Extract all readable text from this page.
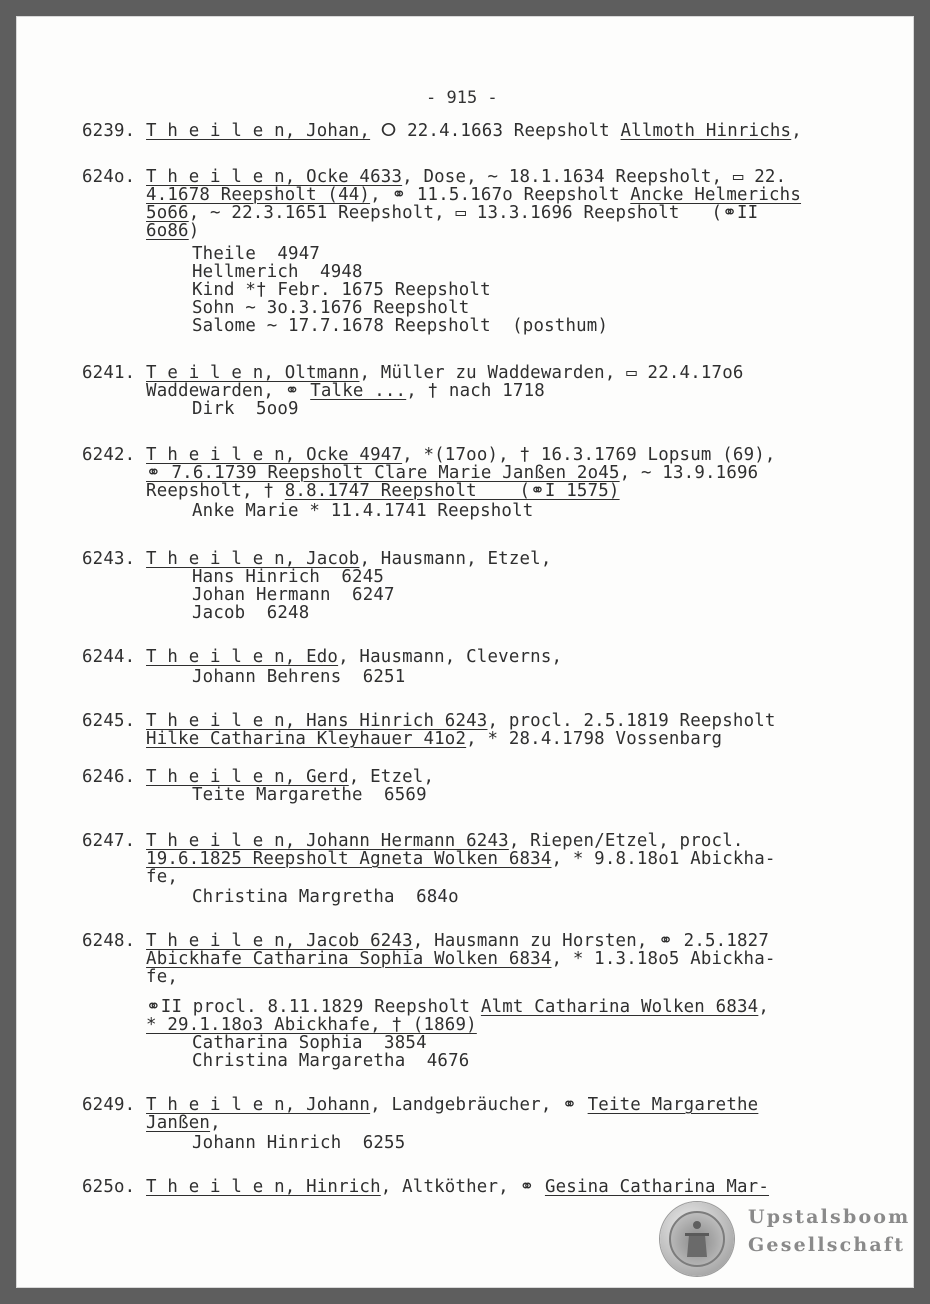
- 915 -
6239. T h e i l e n, Johan, ⵔ 22.4.1663 Reepsholt Allmoth Hinrichs,
624o. T h e i l e n, Ocke 4633, Dose, ~ 18.1.1634 Reepsholt, ▭ 22.
4.1678 Reepsholt (44), ⚭ 11.5.167o Reepsholt Ancke Helmerichs
5o66, ~ 22.3.1651 Reepsholt, ▭ 13.3.1696 Reepsholt   (⚭II
6o86)
Theile  4947
Hellmerich  4948
Kind *† Febr. 1675 Reepsholt
Sohn ~ 3o.3.1676 Reepsholt
Salome ~ 17.7.1678 Reepsholt  (posthum)
6241. T e i l e n, Oltmann, Müller zu Waddewarden, ▭ 22.4.17o6
Waddewarden, ⚭ Talke ..., † nach 1718
Dirk  5oo9
6242. T h e i l e n, Ocke 4947, *(17oo), † 16.3.1769 Lopsum (69),
⚭ 7.6.1739 Reepsholt Clare Marie Janßen 2o45, ~ 13.9.1696
Reepsholt, † 8.8.1747 Reepsholt    (⚭I 1575)
Anke Marie * 11.4.1741 Reepsholt
6243. T h e i l e n, Jacob, Hausmann, Etzel,
Hans Hinrich  6245
Johan Hermann  6247
Jacob  6248
6244. T h e i l e n, Edo, Hausmann, Cleverns,
Johann Behrens  6251
6245. T h e i l e n, Hans Hinrich 6243, procl. 2.5.1819 Reepsholt
Hilke Catharina Kleyhauer 41o2, * 28.4.1798 Vossenbarg
6246. T h e i l e n, Gerd, Etzel,
Teite Margarethe  6569
6247. T h e i l e n, Johann Hermann 6243, Riepen/Etzel, procl.
19.6.1825 Reepsholt Agneta Wolken 6834, * 9.8.18o1 Abickha-
fe,
Christina Margretha  684o
6248. T h e i l e n, Jacob 6243, Hausmann zu Horsten, ⚭ 2.5.1827
Abickhafe Catharina Sophia Wolken 6834, * 1.3.18o5 Abickha-
fe,
⚭II procl. 8.11.1829 Reepsholt Almt Catharina Wolken 6834,
* 29.1.18o3 Abickhafe, † (1869)
Catharina Sophia  3854
Christina Margaretha  4676
6249. T h e i l e n, Johann, Landgebräucher, ⚭ Teite Margarethe
Janßen,
Johann Hinrich  6255
625o. T h e i l e n, Hinrich, Altköther, ⚭ Gesina Catharina Mar-
Upstalsboom
Gesellschaft
